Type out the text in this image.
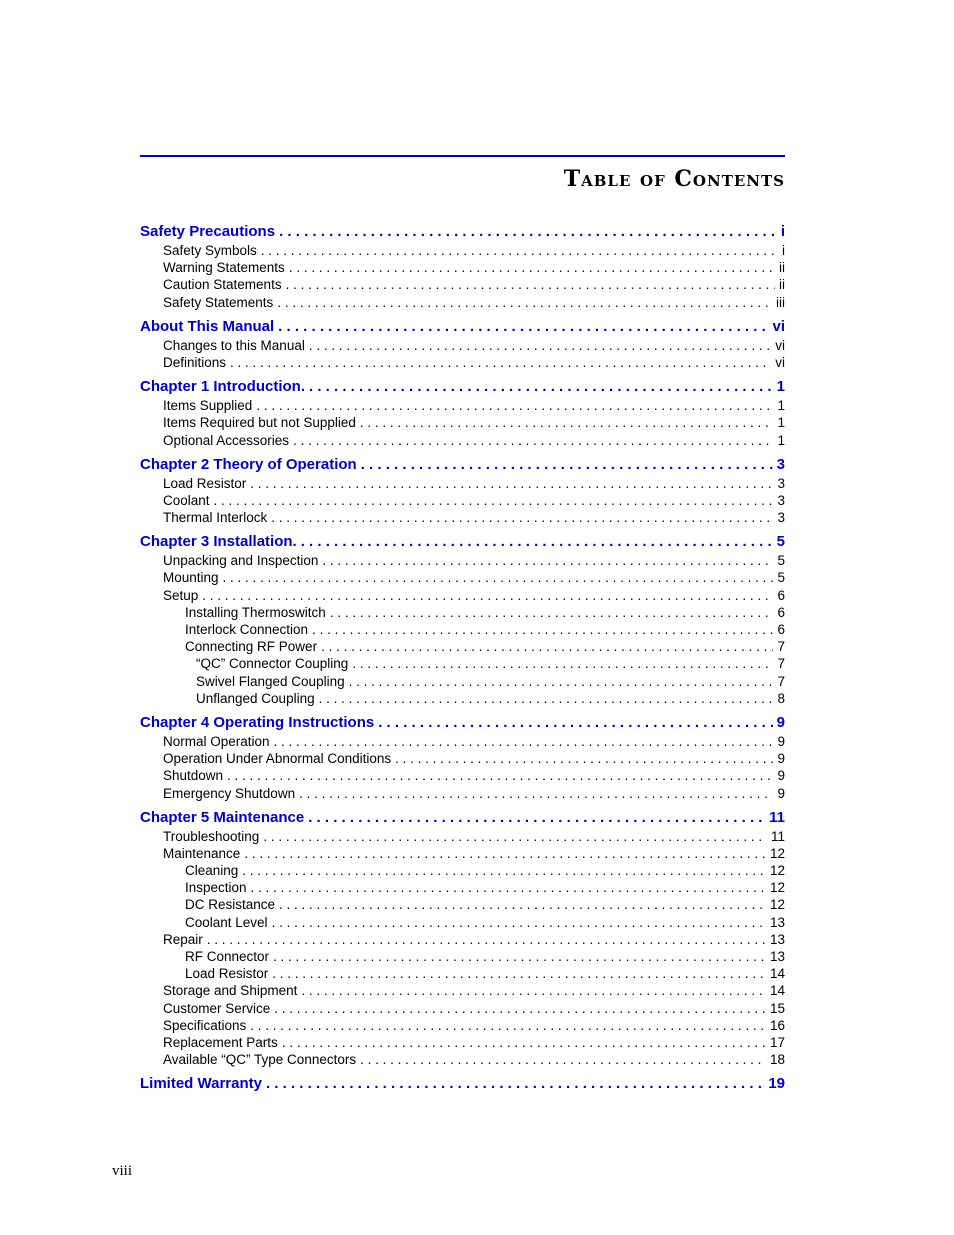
Table of Contents
Safety Precautions . . .	i
Safety Symbols . . .	i
Warning Statements . . .	ii
Caution Statements . . .	ii
Safety Statements . . .	iii
About This Manual . . .	vi
Changes to this Manual . . .	vi
Definitions . . .	vi
Chapter 1 Introduction. . . .	1
Items Supplied . . .	1
Items Required but not Supplied . . .	1
Optional Accessories . . .	1
Chapter 2 Theory of Operation . . .	3
Load Resistor . . .	3
Coolant . . .	3
Thermal Interlock . . .	3
Chapter 3 Installation. . . .	5
Unpacking and Inspection . . .	5
Mounting . . .	5
Setup . . .	6
Installing Thermoswitch . . .	6
Interlock Connection . . .	6
Connecting RF Power . . .	7
“QC” Connector Coupling . . .	7
Swivel Flanged Coupling . . .	7
Unflanged Coupling . . .	8
Chapter 4 Operating Instructions . . .	9
Normal Operation . . .	9
Operation Under Abnormal Conditions . . .	9
Shutdown . . .	9
Emergency Shutdown . . .	9
Chapter 5 Maintenance . . .	11
Troubleshooting . . .	11
Maintenance . . .	12
Cleaning . . .	12
Inspection . . .	12
DC Resistance . . .	12
Coolant Level . . .	13
Repair . . .	13
RF Connector . . .	13
Load Resistor . . .	14
Storage and Shipment . . .	14
Customer Service . . .	15
Specifications . . .	16
Replacement Parts . . .	17
Available “QC” Type Connectors . . .	18
Limited Warranty . . .	19
viii
